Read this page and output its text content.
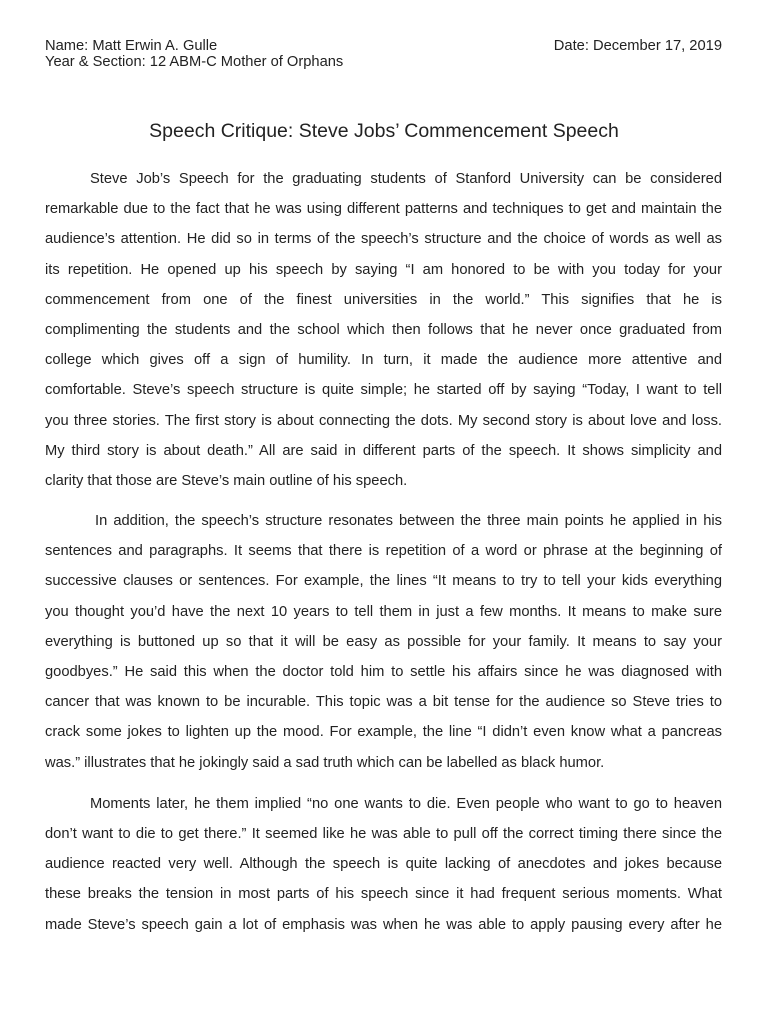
Name: Matt Erwin A. Gulle	Date: December 17, 2019
Year & Section: 12 ABM-C Mother of Orphans
Speech Critique: Steve Jobs’ Commencement Speech
Steve Job’s Speech for the graduating students of Stanford University can be considered
remarkable due to the fact that he was using different patterns and techniques to get and maintain the
audience’s attention. He did so in terms of the speech’s structure and the choice of words as well as
its repetition. He opened up his speech by saying “I am honored to be with you today for your
commencement from one of the finest universities in the world.” This signifies that he is
complimenting the students and the school which then follows that he never once graduated from
college which gives off a sign of humility. In turn, it made the audience more attentive and
comfortable. Steve’s speech structure is quite simple; he started off by saying “Today, I want to tell
you three stories. The first story is about connecting the dots. My second story is about love and loss.
My third story is about death.” All are said in different parts of the speech. It shows simplicity and
clarity that those are Steve’s main outline of his speech.
In addition, the speech’s structure resonates between the three main points he applied in his
sentences and paragraphs. It seems that there is repetition of a word or phrase at the beginning of
successive clauses or sentences. For example, the lines “It means to try to tell your kids everything
you thought you’d have the next 10 years to tell them in just a few months. It means to make sure
everything is buttoned up so that it will be easy as possible for your family. It means to say your
goodbyes.” He said this when the doctor told him to settle his affairs since he was diagnosed with
cancer that was known to be incurable. This topic was a bit tense for the audience so Steve tries to
crack some jokes to lighten up the mood. For example, the line “I didn’t even know what a pancreas
was.” illustrates that he jokingly said a sad truth which can be labelled as black humor.
Moments later, he them implied “no one wants to die. Even people who want to go to heaven
don’t want to die to get there.” It seemed like he was able to pull off the correct timing there since the
audience reacted very well. Although the speech is quite lacking of anecdotes and jokes because
these breaks the tension in most parts of his speech since it had frequent serious moments. What
made Steve’s speech gain a lot of emphasis was when he was able to apply pausing every after he
